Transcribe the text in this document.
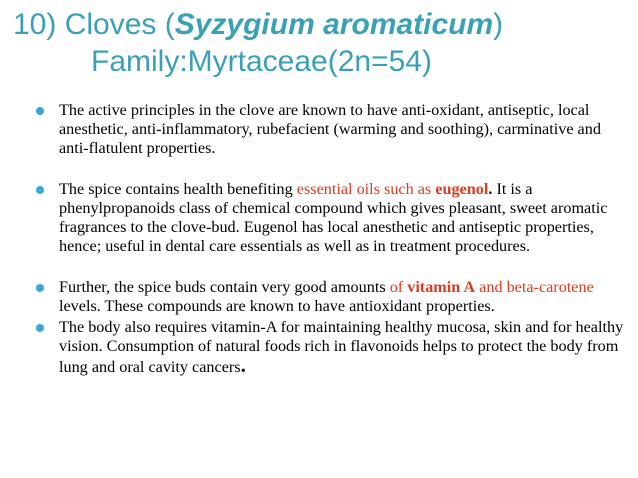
10) Cloves (Syzygium aromaticum)
Family:Myrtaceae(2n=54)
The active principles in the clove are known to have anti-oxidant, antiseptic, local anesthetic, anti-inflammatory, rubefacient (warming and soothing), carminative and anti-flatulent properties.
The spice contains health benefiting essential oils such as eugenol. It is a phenylpropanoids class of chemical compound which gives pleasant, sweet aromatic fragrances to the clove-bud. Eugenol has local anesthetic and antiseptic properties, hence; useful in dental care essentials as well as in treatment procedures.
Further, the spice buds contain very good amounts of vitamin A and beta-carotene levels. These compounds are known to have antioxidant properties.
The body also requires vitamin-A for maintaining healthy mucosa, skin and for healthy vision. Consumption of natural foods rich in flavonoids helps to protect the body from lung and oral cavity cancers.
